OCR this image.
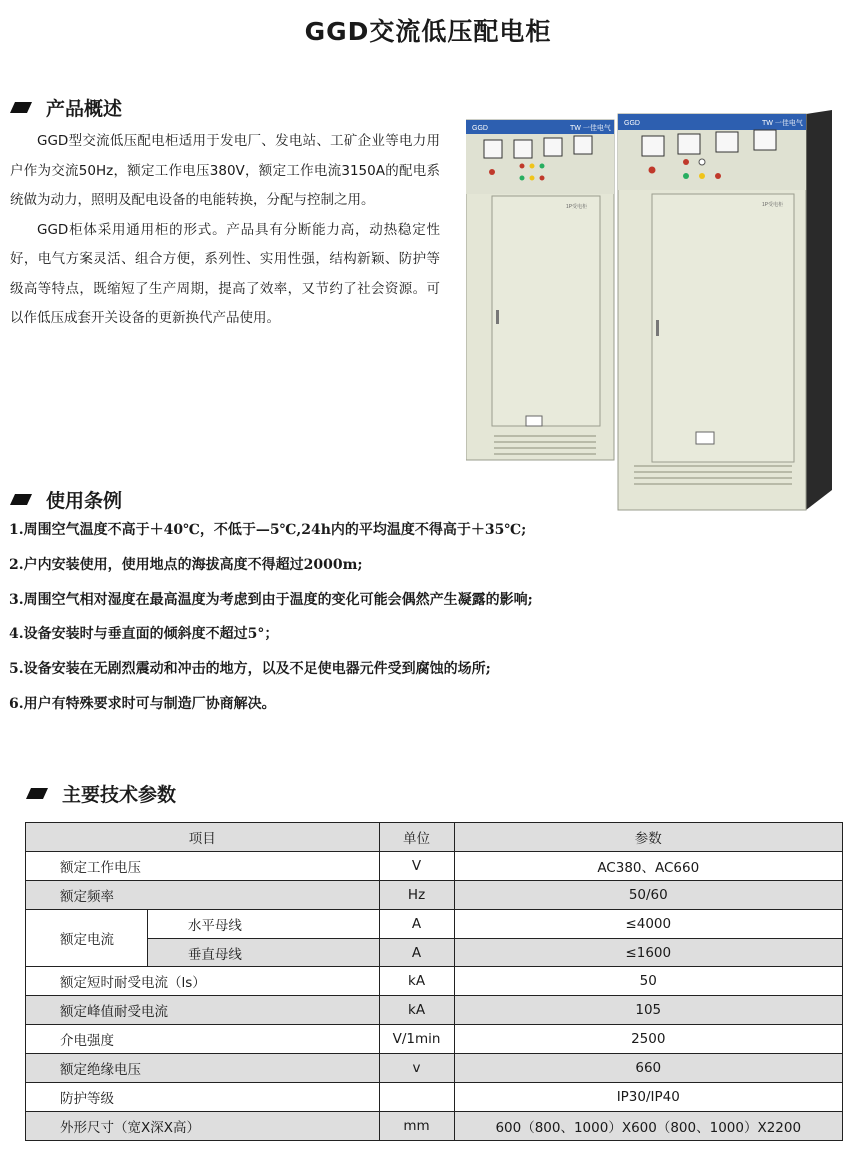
GGD交流低压配电柜
产品概述

GGD型交流低压配电柜适用于发电厂、发电站、工矿企业等电力用户作为交流50Hz，额定工作电压380V，额定工作电流3150A的配电系统做为动力，照明及配电设备的电能转换，分配与控制之用。

GGD柜体采用通用柜的形式。产品具有分断能力高，动热稳定性好，电气方案灵活、组合方便，系列性、实用性强，结构新颖、防护等级高等特点，既缩短了生产周期，提高了效率，又节约了社会资源。可以作低压成套开关设备的更新换代产品使用。

GGD	TW 一佳电气
1P受电柜
GGD	TW 一佳电气
1P受电柜
使用条例
1.周围空气温度不高于＋40℃，不低于—5℃,24h内的平均温度不得高于＋35℃;
2.户内安装使用，使用地点的海拔高度不得超过2000m;
3.周围空气相对湿度在最高温度为考虑到由于温度的变化可能会偶然产生凝露的影响;
4.设备安装时与垂直面的倾斜度不超过5°；
5.设备安装在无剧烈震动和冲击的地方，以及不足使电器元件受到腐蚀的场所;
6.用户有特殊要求时可与制造厂协商解决。
主要技术参数
项目		单位	参数
额定工作电压		V	AC380、AC660
额定频率		Hz	50/60
额定电流	水平母线	A	≤4000
	垂直母线	A	≤1600
额定短时耐受电流（ls）		kA	50
额定峰值耐受电流		kA	105
介电强度		V/1min	2500
额定绝缘电压		v	660
防护等级			IP30/IP40
外形尺寸（宽X深X高）		mm	600（800、1000）X600（800、1000）X2200
